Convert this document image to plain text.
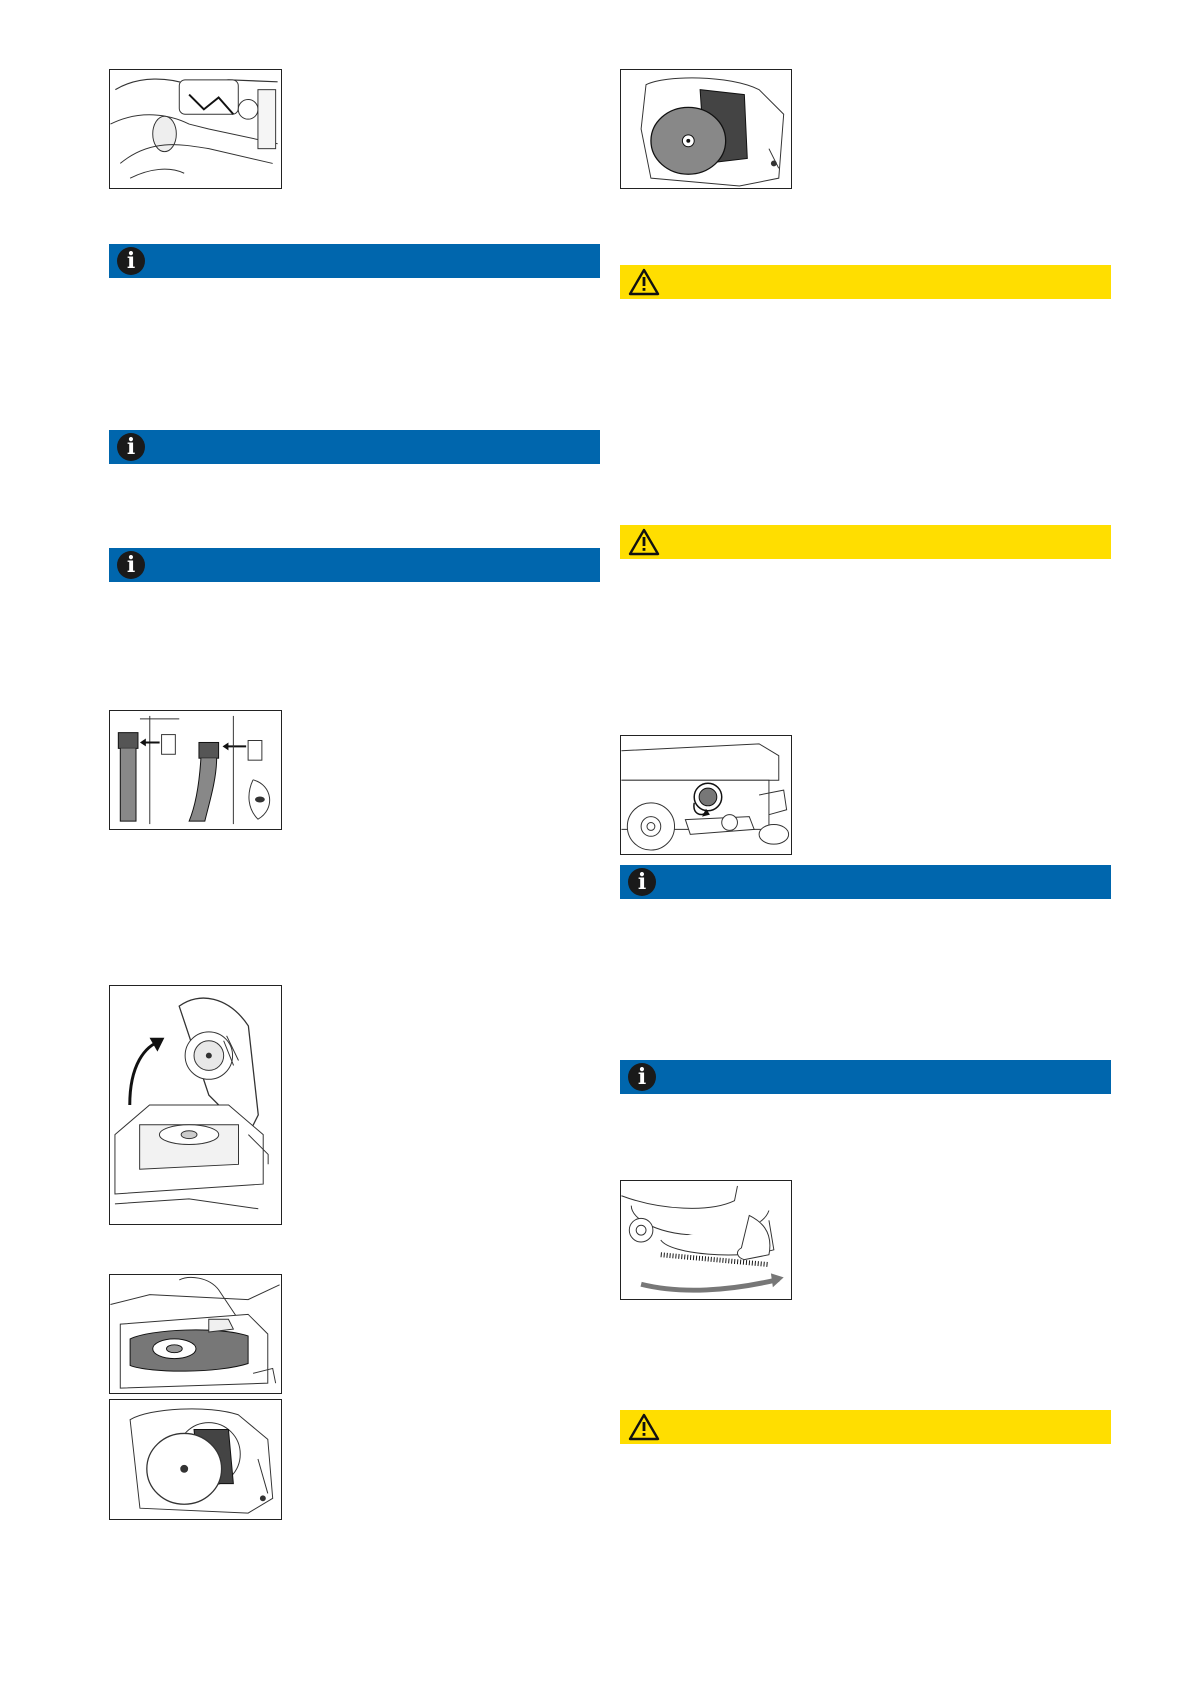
i
i
i
i
i
